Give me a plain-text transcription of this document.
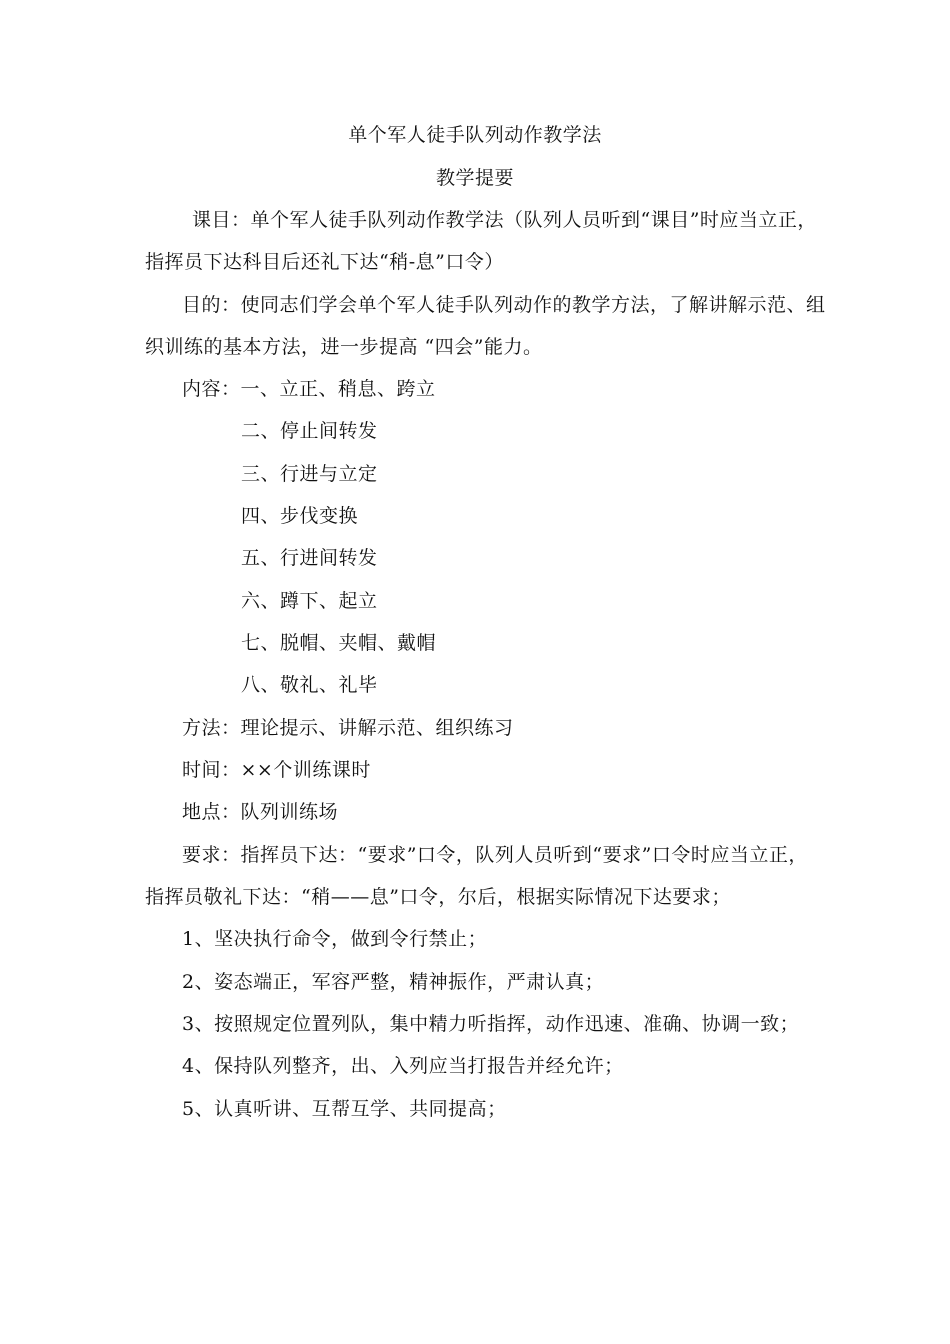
单个军人徒手队列动作教学法
教学提要
课目：单个军人徒手队列动作教学法（队列人员听到“课目”时应当立正，
指挥员下达科目后还礼下达“稍-息”口令）
目的：使同志们学会单个军人徒手队列动作的教学方法，了解讲解示范、组
织训练的基本方法，进一步提高 “四会”能力。
内容：一、立正、稍息、跨立
二、停止间转发
三、行进与立定
四、步伐变换
五、行进间转发
六、蹲下、起立
七、脱帽、夹帽、戴帽
八、敬礼、礼毕
方法：理论提示、讲解示范、组织练习
时间：××个训练课时
地点：队列训练场
要求：指挥员下达：“要求”口令，队列人员听到“要求”口令时应当立正，
指挥员敬礼下达：“稍——息”口令，尔后，根据实际情况下达要求；
1、坚决执行命令，做到令行禁止；
2、姿态端正，军容严整，精神振作，严肃认真；
3、按照规定位置列队，集中精力听指挥，动作迅速、准确、协调一致；
4、保持队列整齐，出、入列应当打报告并经允许；
5、认真听讲、互帮互学、共同提高；
